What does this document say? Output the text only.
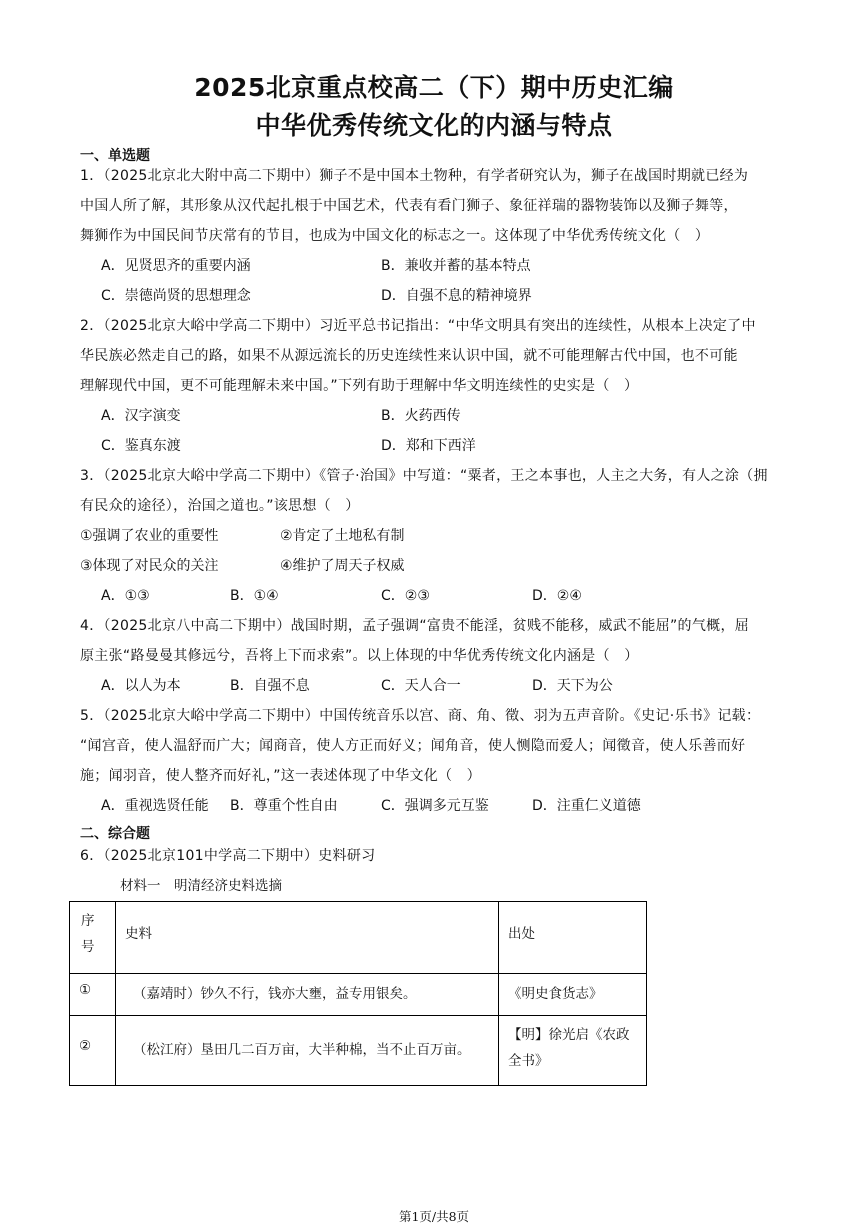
2025北京重点校高二（下）期中历史汇编
中华优秀传统文化的内涵与特点
一、单选题
1．（2025北京北大附中高二下期中）狮子不是中国本土物种，有学者研究认为，狮子在战国时期就已经为
中国人所了解，其形象从汉代起扎根于中国艺术，代表有看门狮子、象征祥瑞的器物装饰以及狮子舞等，
舞狮作为中国民间节庆常有的节目，也成为中国文化的标志之一。这体现了中华优秀传统文化（　）
A．见贤思齐的重要内涵	B．兼收并蓄的基本特点
C．崇德尚贤的思想理念	D．自强不息的精神境界
2．（2025北京大峪中学高二下期中）习近平总书记指出：“中华文明具有突出的连续性，从根本上决定了中
华民族必然走自己的路，如果不从源远流长的历史连续性来认识中国，就不可能理解古代中国，也不可能
理解现代中国，更不可能理解未来中国。”下列有助于理解中华文明连续性的史实是（　）
A．汉字演变	B．火药西传
C．鉴真东渡	D．郑和下西洋
3．（2025北京大峪中学高二下期中）《管子·治国》中写道：“粟者，王之本事也，人主之大务，有人之涂（拥
有民众的途径），治国之道也。”该思想（　）
①强调了农业的重要性	②肯定了土地私有制
③体现了对民众的关注	④维护了周天子权威
A．①③	B．①④	C．②③	D．②④
4．（2025北京八中高二下期中）战国时期，孟子强调“富贵不能淫，贫贱不能移，威武不能屈”的气概，屈
原主张“路曼曼其修远兮，吾将上下而求索”。以上体现的中华优秀传统文化内涵是（　）
A．以人为本	B．自强不息	C．天人合一	D．天下为公
5．（2025北京大峪中学高二下期中）中国传统音乐以宫、商、角、徵、羽为五声音阶。《史记·乐书》记载：
“闻宫音，使人温舒而广大；闻商音，使人方正而好义；闻角音，使人恻隐而爱人；闻徵音，使人乐善而好
施；闻羽音，使人整齐而好礼，”这一表述体现了中华文化（　）
A．重视选贤任能 B．尊重个性自由	C．强调多元互鉴	D．注重仁义道德
二、综合题
6．（2025北京101中学高二下期中）史料研习
材料一　明清经济史料选摘
序号	史料	出处

①	（嘉靖时）钞久不行，钱亦大壅，益专用银矣。	《明史食货志》

②	（松江府）垦田几二百万亩，大半种棉，当不止百万亩。	【明】徐光启《农政全书》
第1页/共8页
